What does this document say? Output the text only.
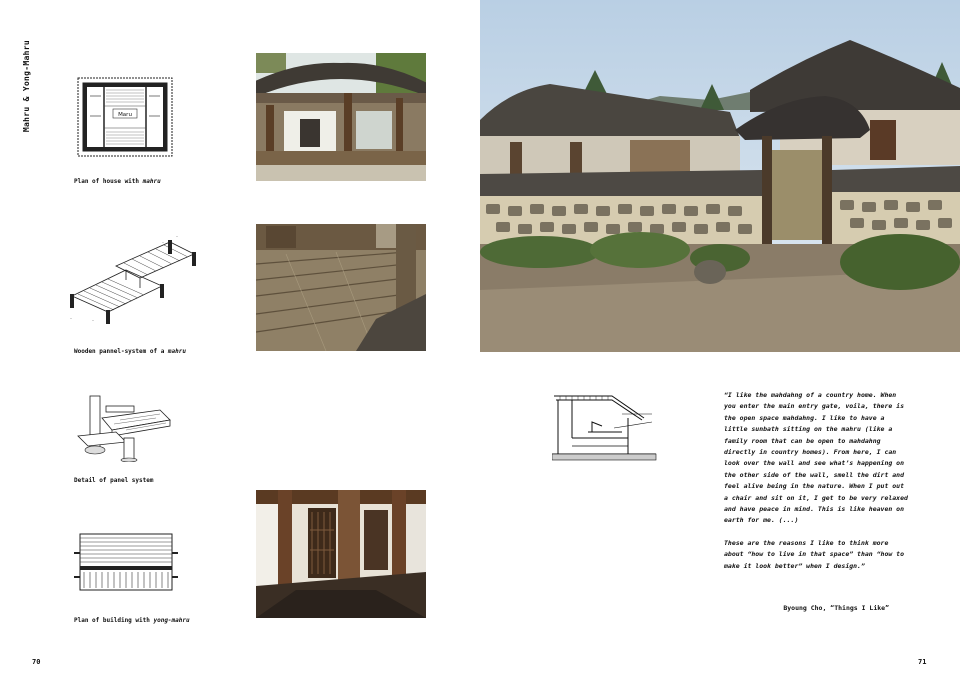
Mahru & Yong-Mahru	Maru
Plan of house with mahru
··	··
··
··
Wooden pannel-system of a mahru
Detail of panel system
Plan of building with yong-mahru

“I like the mahdahng of a country home. When you enter the main entry gate, voila, there is the open space mahdahng. I like to have a little sunbath sitting on the mahru (like a family room that can be open to mahdahng directly in country homes). From here, I can look over the wall and see what’s happening on the other side of the wall, smell the dirt and feel alive being in the nature. When I put out a chair and sit on it, I get to be very relaxed and have peace in mind. This is like heaven on earth for me. (...)

These are the reasons I like to think more about “how to live in that space” than “how to make it look better” when I design.”

Byoung Cho, “Things I Like”
70	71
